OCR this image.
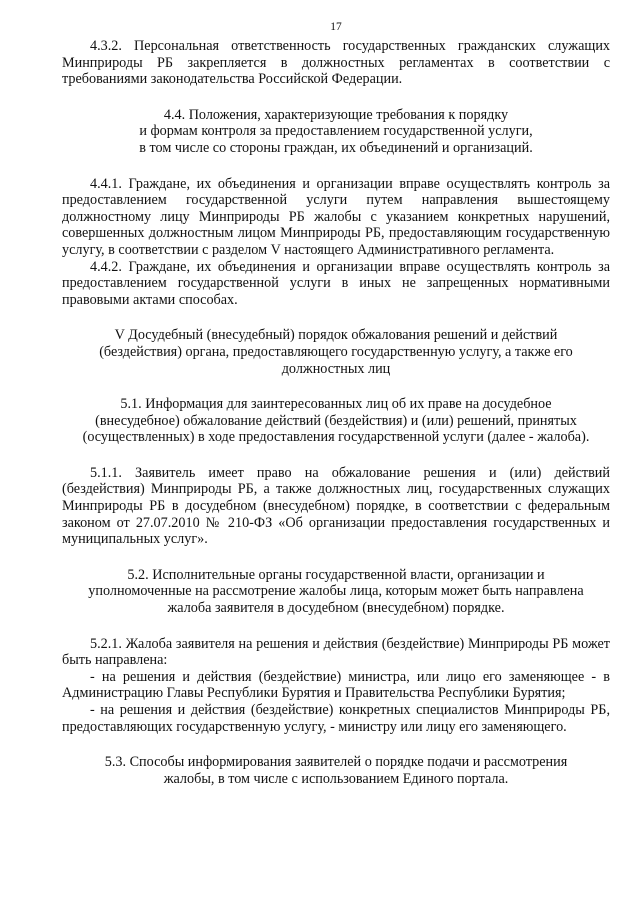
17

4.3.2. Персональная ответственность государственных гражданских служащих Минприроды РБ закрепляется в должностных регламентах в соответствии с требованиями законодательства Российской Федерации.

4.4. Положения, характеризующие требования к порядку
и формам контроля за предоставлением государственной услуги,
в том числе со стороны граждан, их объединений и организаций.

4.4.1. Граждане, их объединения и организации вправе осуществлять контроль за предоставлением государственной услуги путем направления вышестоящему должностному лицу Минприроды РБ жалобы с указанием конкретных нарушений, совершенных должностным лицом Минприроды РБ, предоставляющим государственную услугу, в соответствии с разделом V настоящего Административного регламента.

4.4.2. Граждане, их объединения и организации вправе осуществлять контроль за предоставлением государственной услуги в иных не запрещенных нормативными правовыми актами способах.

V Досудебный (внесудебный) порядок обжалования решений и действий
(бездействия) органа, предоставляющего государственную услугу, а также его
должностных лиц
5.1. Информация для заинтересованных лиц об их праве на досудебное
(внесудебное) обжалование действий (бездействия) и (или) решений, принятых
(осуществленных) в ходе предоставления государственной услуги (далее - жалоба).

5.1.1. Заявитель имеет право на обжалование решения и (или) действий (бездействия) Минприроды РБ, а также должностных лиц, государственных служащих Минприроды РБ в досудебном (внесудебном) порядке, в соответствии с федеральным законом от 27.07.2010 № 210-ФЗ «Об организации предоставления государственных и муниципальных услуг».

5.2. Исполнительные органы государственной власти, организации и
уполномоченные на рассмотрение жалобы лица, которым может быть направлена
жалоба заявителя в досудебном (внесудебном) порядке.

5.2.1. Жалоба заявителя на решения и действия (бездействие) Минприроды РБ может быть направлена:

- на решения и действия (бездействие) министра, или лицо его заменяющее - в Администрацию Главы Республики Бурятия и Правительства Республики Бурятия;

- на решения и действия (бездействие) конкретных специалистов Минприроды РБ, предоставляющих государственную услугу, - министру или лицу его заменяющего.

5.3. Способы информирования заявителей о порядке подачи и рассмотрения
жалобы, в том числе с использованием Единого портала.
